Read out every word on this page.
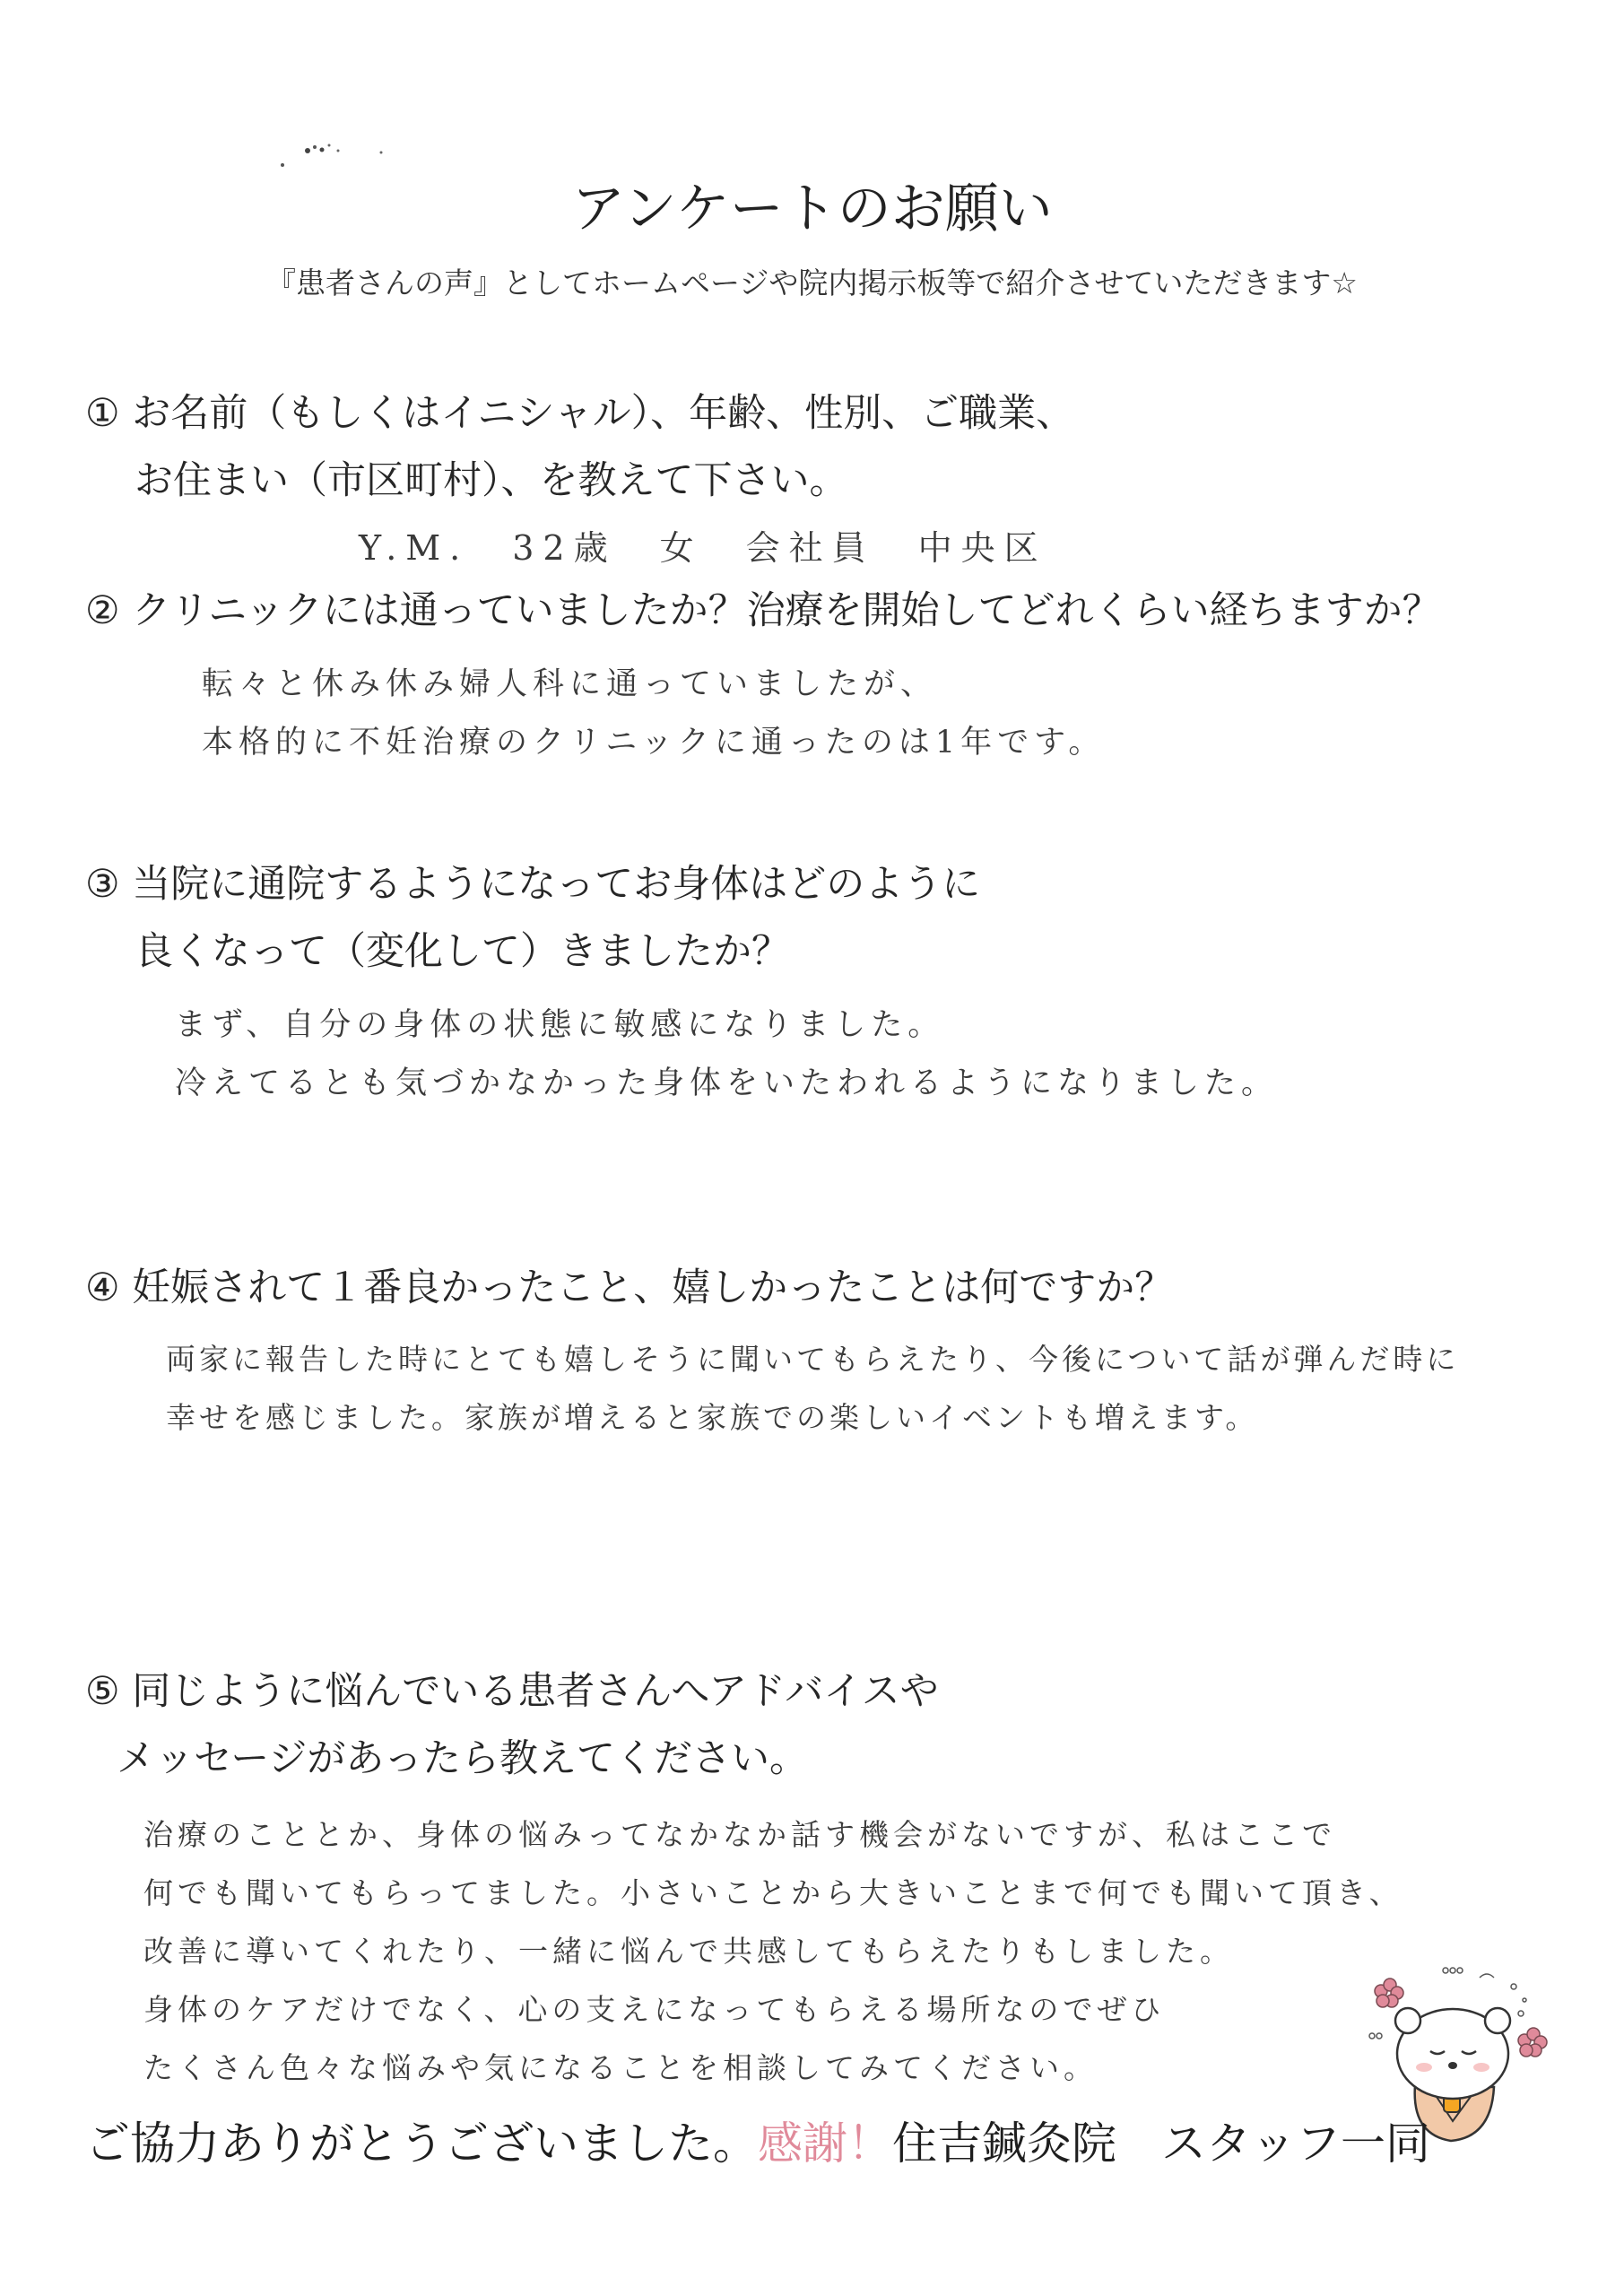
アンケートのお願い
『患者さんの声』としてホームページや院内掲示板等で紹介させていただきます☆
① お名前（もしくはイニシャル）、年齢、性別、ご職業、
お住まい（市区町村）、を教えて下さい。
Y.M.　32歳　女　会社員　中央区
② クリニックには通っていましたか？治療を開始してどれくらい経ちますか？
転々と休み休み婦人科に通っていましたが、
本格的に不妊治療のクリニックに通ったのは1年です。
③ 当院に通院するようになってお身体はどのように
良くなって（変化して）きましたか？
まず、自分の身体の状態に敏感になりました。
冷えてるとも気づかなかった身体をいたわれるようになりました。
④ 妊娠されて１番良かったこと、嬉しかったことは何ですか？
両家に報告した時にとても嬉しそうに聞いてもらえたり、今後について話が弾んだ時に
幸せを感じました。家族が増えると家族での楽しいイベントも増えます。
⑤ 同じように悩んでいる患者さんへアドバイスや
メッセージがあったら教えてください。
治療のこととか、身体の悩みってなかなか話す機会がないですが、私はここで
何でも聞いてもらってました。小さいことから大きいことまで何でも聞いて頂き、
改善に導いてくれたり、一緒に悩んで共感してもらえたりもしました。
身体のケアだけでなく、心の支えになってもらえる場所なのでぜひ
たくさん色々な悩みや気になることを相談してみてください。
ご協力ありがとうございました。感謝！住吉鍼灸院　スタッフ一同
